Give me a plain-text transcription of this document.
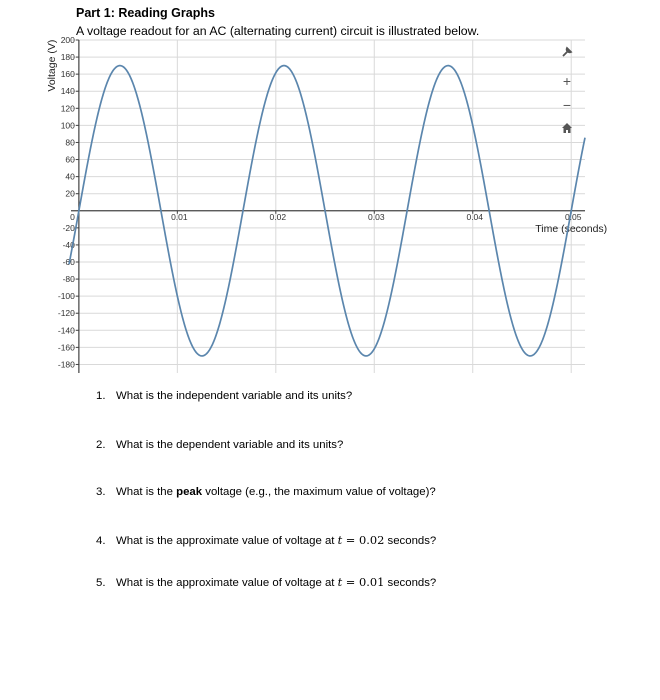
Part 1: Reading Graphs
A voltage readout for an AC (alternating current) circuit is illustrated below.
200
180
160
140
120
100
80
60
40
20
-20
-40
-60
-80
-100
-120
-140
-160
-180
0	0.01	0.02	0.03	0.04	0.05
Time (seconds)
Voltage (V)	+
−
1. What is the independent variable and its units?
2. What is the dependent variable and its units?
3. What is the peak voltage (e.g., the maximum value of voltage)?
4. What is the approximate value of voltage at t = 0.02 seconds?
5. What is the approximate value of voltage at t = 0.01 seconds?
